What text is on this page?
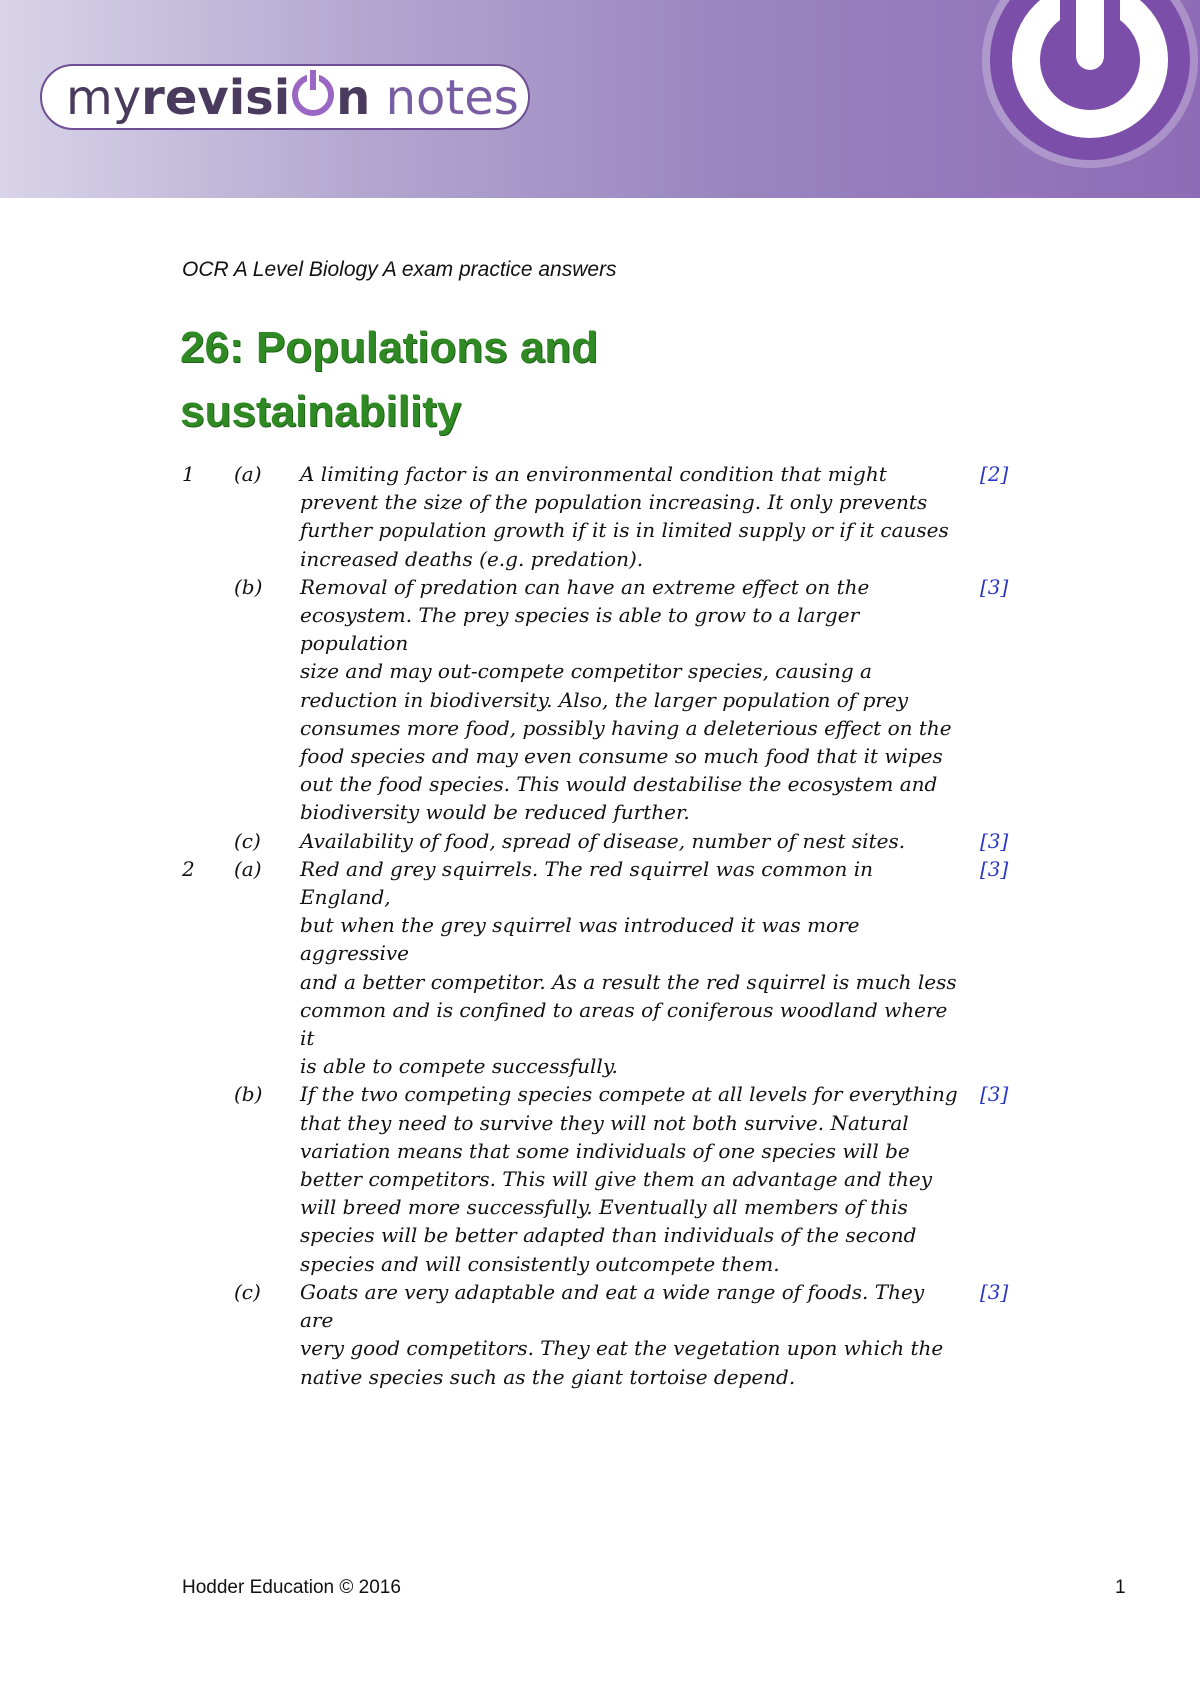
myrevisi n notes
OCR A Level Biology A exam practice answers
26: Populations and
sustainability
1	(a)	A limiting factor is an environmental condition that might
prevent the size of the population increasing. It only prevents
further population growth if it is in limited supply or if it causes
increased deaths (e.g. predation).
[2]
(b)	Removal of predation can have an extreme effect on the
ecosystem. The prey species is able to grow to a larger population
size and may out-compete competitor species, causing a
reduction in biodiversity. Also, the larger population of prey
consumes more food, possibly having a deleterious effect on the
food species and may even consume so much food that it wipes
out the food species. This would destabilise the ecosystem and
biodiversity would be reduced further.
[3]
(c)	Availability of food, spread of disease, number of nest sites.	[3]
2	(a)	Red and grey squirrels. The red squirrel was common in England,
but when the grey squirrel was introduced it was more aggressive
and a better competitor. As a result the red squirrel is much less
common and is confined to areas of coniferous woodland where it
is able to compete successfully.
[3]
(b)	If the two competing species compete at all levels for everything
that they need to survive they will not both survive. Natural
variation means that some individuals of one species will be
better competitors. This will give them an advantage and they
will breed more successfully. Eventually all members of this
species will be better adapted than individuals of the second
species and will consistently outcompete them.
[3]
(c)	Goats are very adaptable and eat a wide range of foods. They are
very good competitors. They eat the vegetation upon which the
native species such as the giant tortoise depend.
[3]
Hodder Education © 2016	1
